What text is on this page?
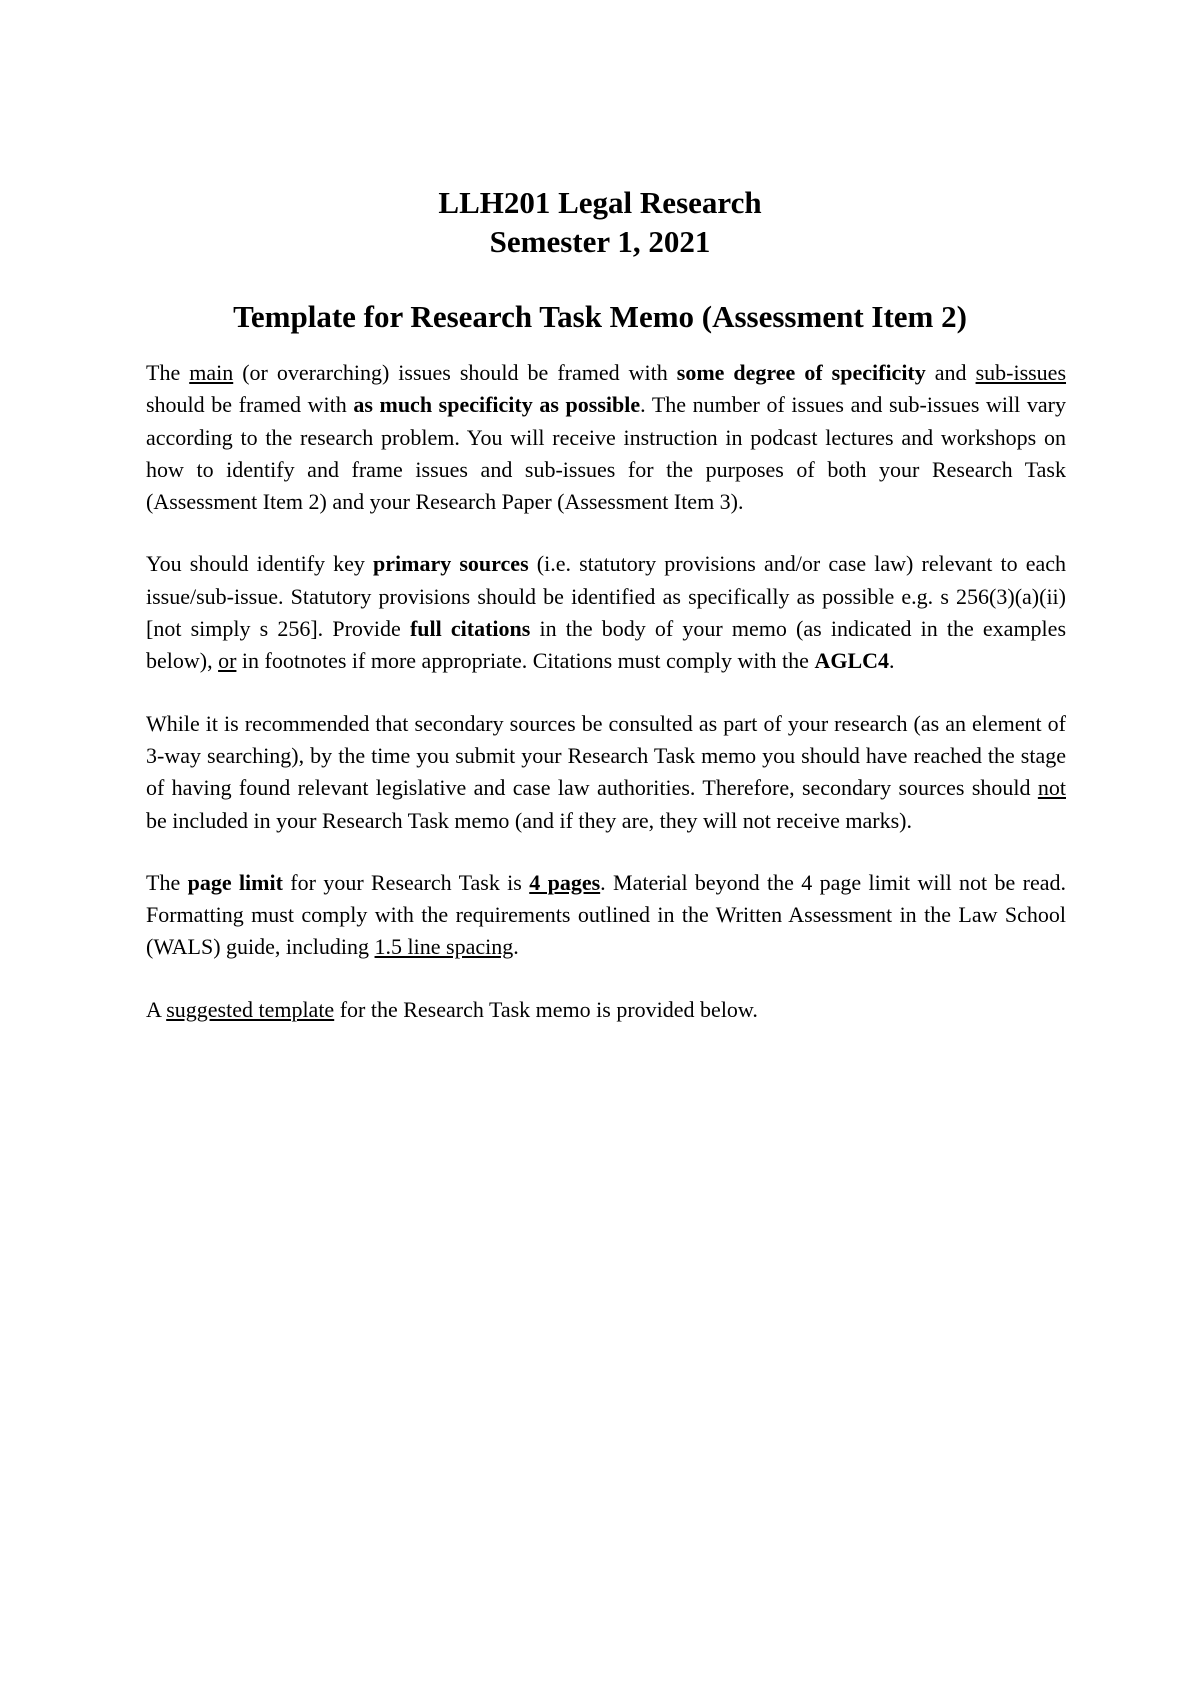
LLH201 Legal Research

Semester 1, 2021

Template for Research Task Memo (Assessment Item 2)

The main (or overarching) issues should be framed with some degree of specificity and sub-issues should be framed with as much specificity as possible. The number of issues and sub-issues will vary according to the research problem. You will receive instruction in podcast lectures and workshops on how to identify and frame issues and sub-issues for the purposes of both your Research Task (Assessment Item 2) and your Research Paper (Assessment Item 3).

You should identify key primary sources (i.e. statutory provisions and/or case law) relevant to each issue/sub-issue. Statutory provisions should be identified as specifically as possible e.g. s 256(3)(a)(ii) [not simply s 256]. Provide full citations in the body of your memo (as indicated in the examples below), or in footnotes if more appropriate. Citations must comply with the AGLC4.

While it is recommended that secondary sources be consulted as part of your research (as an element of 3-way searching), by the time you submit your Research Task memo you should have reached the stage of having found relevant legislative and case law authorities. Therefore, secondary sources should not be included in your Research Task memo (and if they are, they will not receive marks).

The page limit for your Research Task is 4 pages. Material beyond the 4 page limit will not be read. Formatting must comply with the requirements outlined in the Written Assessment in the Law School (WALS) guide, including 1.5 line spacing.

A suggested template for the Research Task memo is provided below.
